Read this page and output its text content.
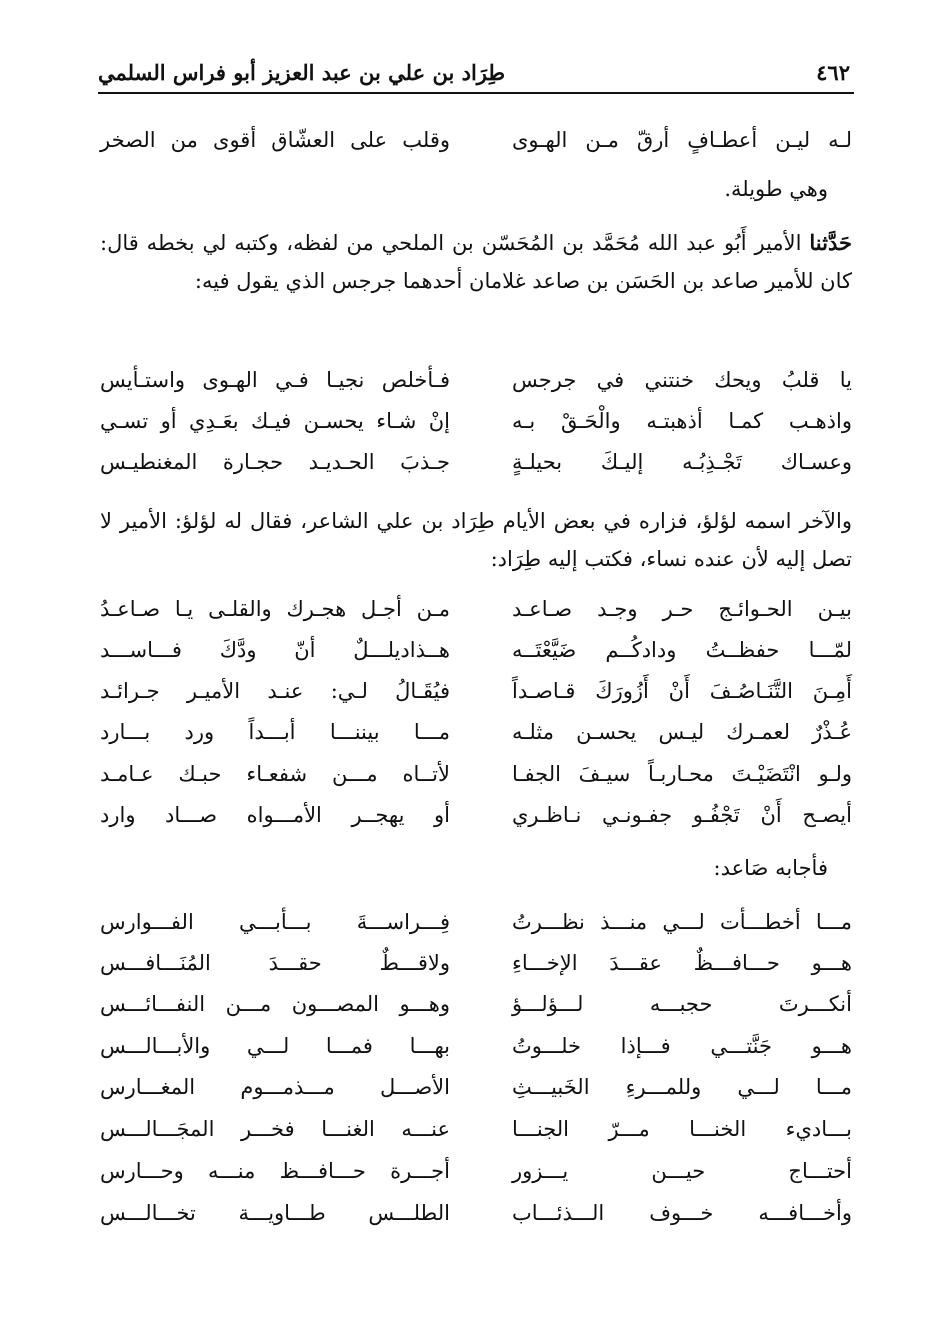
٤٦٢
طِرَاد بن علي بن عبد العزيز أبو فراس السلمي
لـه ليـن أعطـافٍ أرقّ مـن الهـوى
وقلب على العشّاق أقوى من الصخر
وهي طويلة.
حَدَّثنا الأمير أَبُو عبد الله مُحَمَّد بن المُحَسّن بن الملحي من لفظه، وكتبه لي بخطه قال: كان للأمير صاعد بن الحَسَن بن صاعد غلامان أحدهما جرجس الذي يقول فيه:
يا قلبُ ويحك خنتني في جرجس
فـأخلص نجيـا فـي الهـوى واستـأيس
واذهـب كمـا أذهبتـه والْحَـقْ بـه
إنْ شـاء يحسـن فيـك بعَـدِي أو تسـي
وعسـاك تَجْـذِبُـه إليـكَ بحيلـةٍ
جـذبَ الحـديـد حجـارة المغنطيـس
والآخر اسمه لؤلؤ، فزاره في بعض الأيام طِرَاد بن علي الشاعر، فقال له لؤلؤ: الأمير لا تصل إليه لأن عنده نساء، فكتب إليه طِرَاد:
بيـن الحـوائـج حـر وجـد صـاعـد
مـن أجـل هجـرك والقلـى يـا صـاعـدُ
لمّـــا حفظــتُ ودادكُــم ضَيَّعْتَــه
هــذاديلـــلٌ أنّ ودَّكَ فـــاســـد
أَمِـنَ التَّنَـاصُـفَ أَنْ أَزُورَكَ قـاصـداً
فيُقَـالُ لـي: عنـد الأميـر جـرائـد
عُـذْرٌ لعمـرك ليـس يحسـن مثلـه
مـــا بيننـــا أبـــداً ورد بـــارد
ولـو انْتَضَيْـتَ محـاربـاً سيـفَ الجفـا
لأتــاه مـــن شفعـاء حبـك عـامـد
أيصـح أَنْ تَجْفُـو جفـونـي نـاظـري
أو يهجــر الأمـــواه صـــاد وارد
فأجابه صَاعد:
مـــا أخطـــأت لـــي منـــذ نظـــرتُ
فِـــراســـةَ بـــأبـــي الفـــوارس
هـــو حـــافـــظٌ عقـــدَ الإخـــاءِ
ولاقـــطٌ حقـــدَ المُنَـــافـــس
أنكـــرتَ حجبـــه لـــؤلـــؤ
وهـــو المصـــون مـــن النفـــائـــس
هـــو جَنَّتـــي فـــإذا خلـــوتُ
بهـــا فمـــا لـــي والأبـــالـــس
مـــا لـــي وللمـــرءِ الخَبيـــثِ
الأصـــل مـــذمـــوم المغـــارس
بـــاديء الخنـــا مـــرّ الجنـــا
عنـــه الغنـــا فخـــر المجَـــالـــس
أحتـــاج حيـــن يـــزور
أجـــرة حـــافـــظ منـــه وحـــارس
وأخـــافـــه خـــوف الـــذئـــاب
الطلـــس طـــاويـــة تخـــالـــس
